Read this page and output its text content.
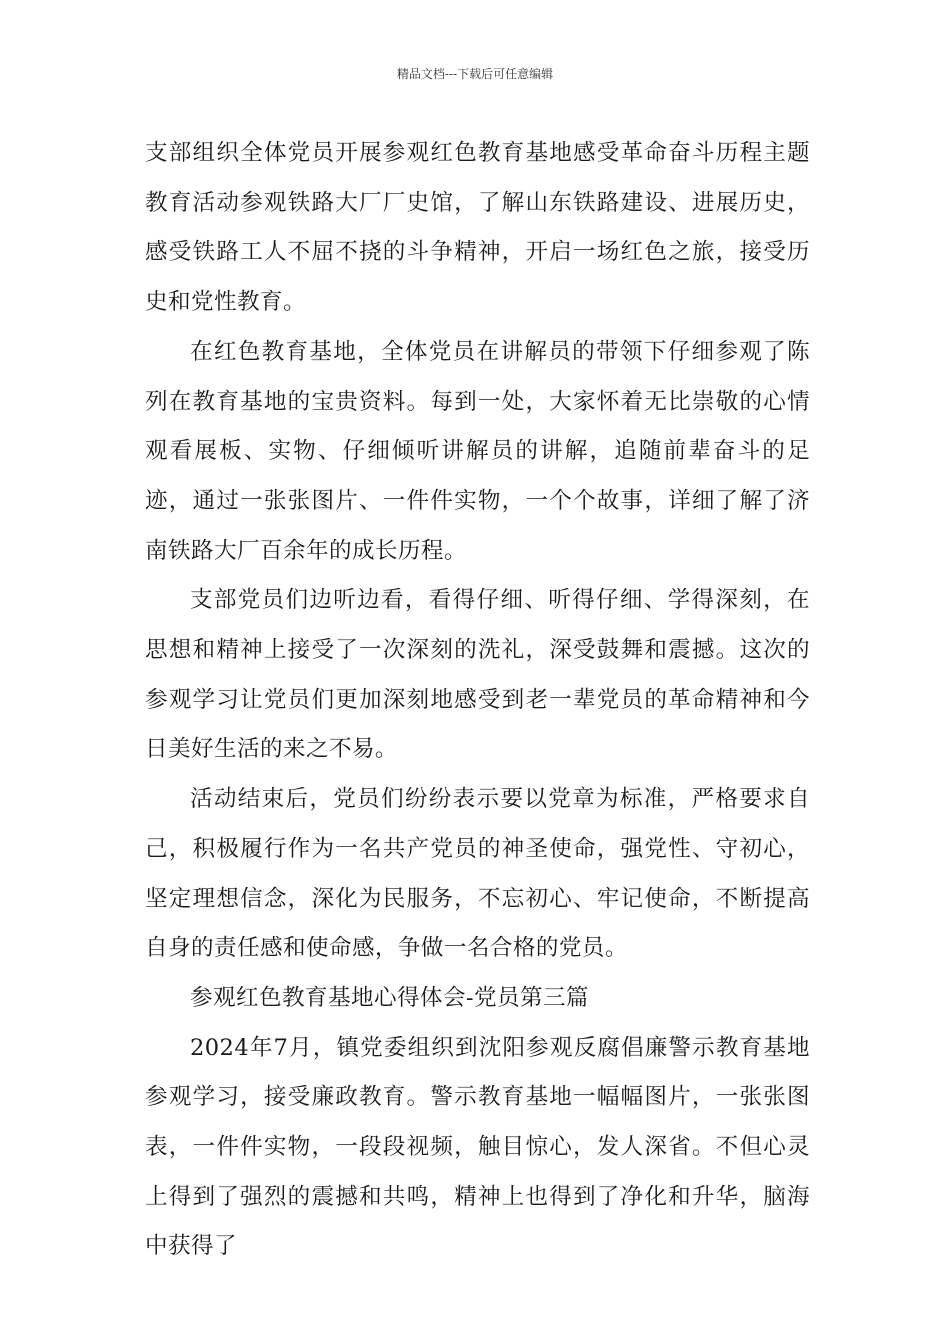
精品文档---下载后可任意编辑

支部组织全体党员开展参观红色教育基地感受革命奋斗历程主题教育活动参观铁路大厂厂史馆，了解山东铁路建设、进展历史，感受铁路工人不屈不挠的斗争精神，开启一场红色之旅，接受历史和党性教育。

在红色教育基地，全体党员在讲解员的带领下仔细参观了陈列在教育基地的宝贵资料。每到一处，大家怀着无比崇敬的心情观看展板、实物、仔细倾听讲解员的讲解，追随前辈奋斗的足迹，通过一张张图片、一件件实物，一个个故事，详细了解了济南铁路大厂百余年的成长历程。

支部党员们边听边看，看得仔细、听得仔细、学得深刻，在思想和精神上接受了一次深刻的洗礼，深受鼓舞和震撼。这次的参观学习让党员们更加深刻地感受到老一辈党员的革命精神和今日美好生活的来之不易。

活动结束后，党员们纷纷表示要以党章为标准，严格要求自己，积极履行作为一名共产党员的神圣使命，强党性、守初心，坚定理想信念，深化为民服务，不忘初心、牢记使命，不断提高自身的责任感和使命感，争做一名合格的党员。

参观红色教育基地心得体会-党员第三篇

2024年7月，镇党委组织到沈阳参观反腐倡廉警示教育基地参观学习，接受廉政教育。警示教育基地一幅幅图片，一张张图表，一件件实物，一段段视频，触目惊心，发人深省。不但心灵上得到了强烈的震撼和共鸣，精神上也得到了净化和升华，脑海中获得了
